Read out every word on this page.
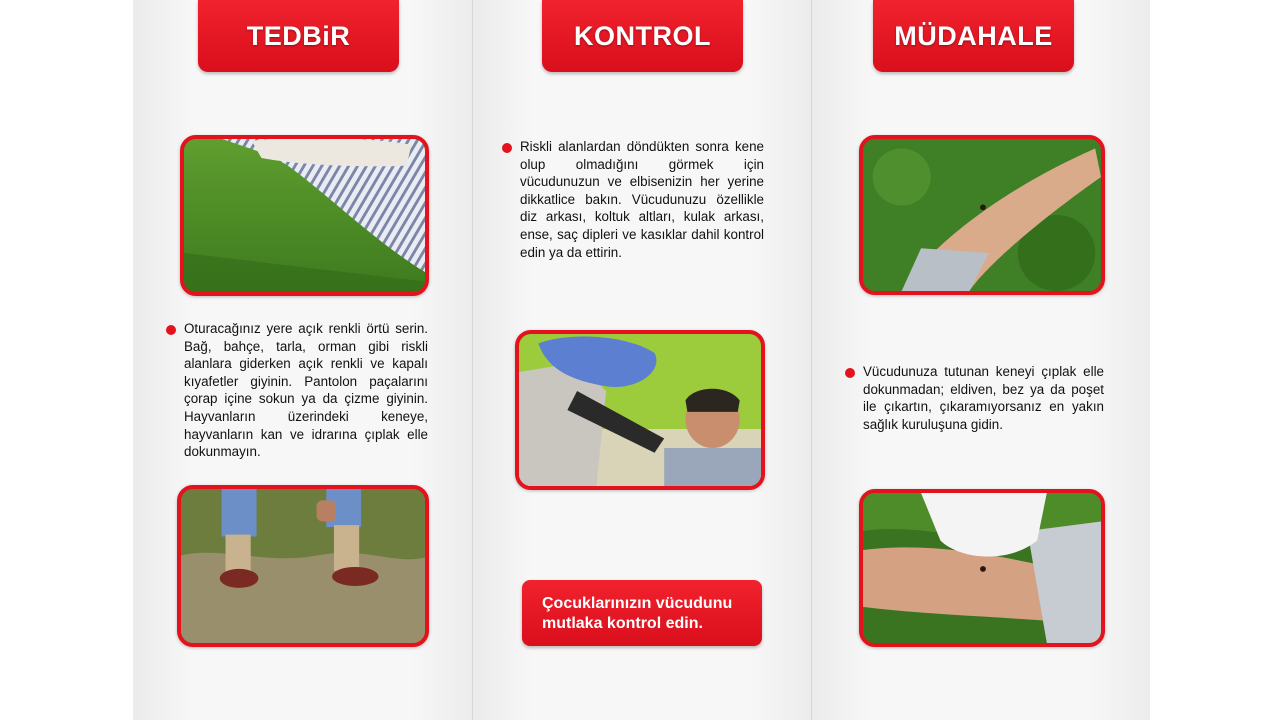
TEDBiR	KONTROL	MÜDAHALE
Oturacağınız yere açık renkli örtü serin. Bağ, bahçe, tarla, orman gibi riskli alanlara giderken açık renkli ve kapalı kıyafetler giyinin. Pantolon paçalarını çorap içine sokun ya da çizme giyinin. Hayvanların üzerindeki keneye, hayvanların kan ve idrarına çıplak elle dokunmayın.
Riskli alanlardan döndükten sonra kene olup olmadığını görmek için vücudunuzun ve elbisenizin her yerine dikkatlice bakın. Vücudunuzu özellikle diz arkası, koltuk altları, kulak arkası, ense, saç dipleri ve kasıklar dahil kontrol edin ya da ettirin.
Çocuklarınızın vücudunu
mutlaka kontrol edin.
Vücudunuza tutunan keneyi çıplak elle dokunmadan; eldiven, bez ya da poşet ile çıkartın, çıkaramıyorsanız en yakın sağlık kuruluşuna gidin.
